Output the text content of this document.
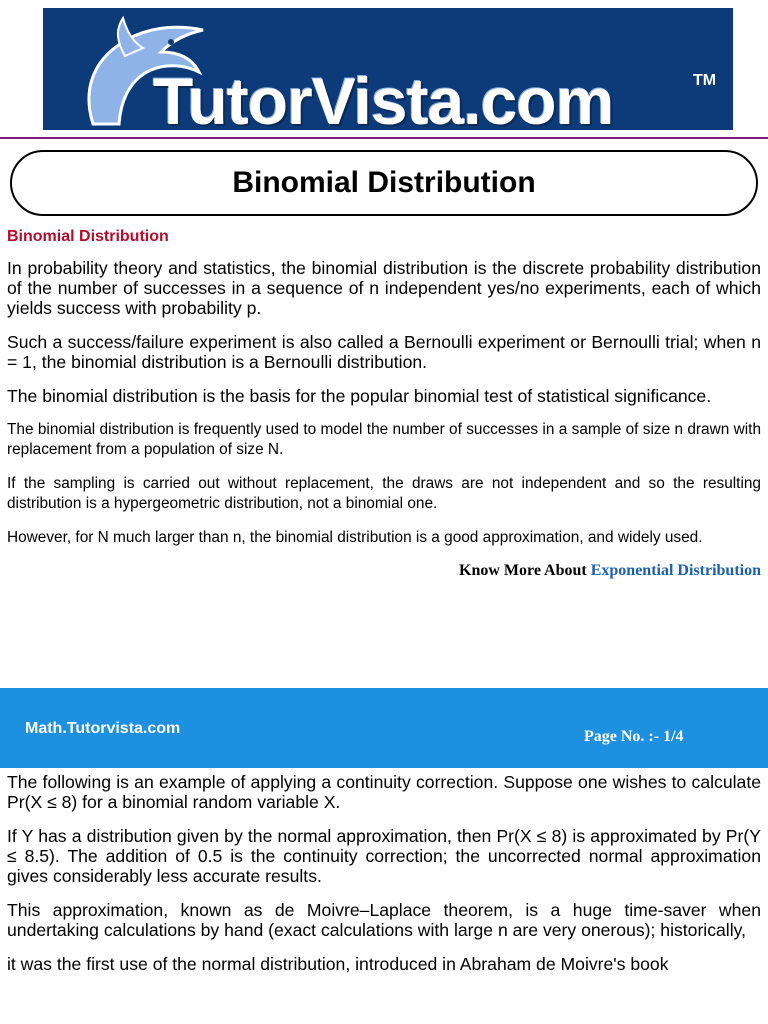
TutorVista.com	TM
Binomial Distribution
Binomial Distribution

In probability theory and statistics, the binomial distribution is the discrete probability distribution of the number of successes in a sequence of n independent yes/no experiments, each of which yields success with probability p.

Such a success/failure experiment is also called a Bernoulli experiment or Bernoulli trial; when n = 1, the binomial distribution is a Bernoulli distribution.

The binomial distribution is the basis for the popular binomial test of statistical significance.

The binomial distribution is frequently used to model the number of successes in a sample of size n drawn with replacement from a population of size N.

If the sampling is carried out without replacement, the draws are not independent and so the resulting distribution is a hypergeometric distribution, not a binomial one.

However, for N much larger than n, the binomial distribution is a good approximation, and widely used.

Know More About Exponential Distribution
Math.Tutorvista.com	Page No. :- 1/4

The following is an example of applying a continuity correction. Suppose one wishes to calculate Pr(X ≤ 8) for a binomial random variable X.

If Y has a distribution given by the normal approximation, then Pr(X ≤ 8) is approximated by Pr(Y ≤ 8.5). The addition of 0.5 is the continuity correction; the uncorrected normal approximation gives considerably less accurate results.

This approximation, known as de Moivre–Laplace theorem, is a huge time-saver when undertaking calculations by hand (exact calculations with large n are very onerous); historically,

it was the first use of the normal distribution, introduced in Abraham de Moivre's book
